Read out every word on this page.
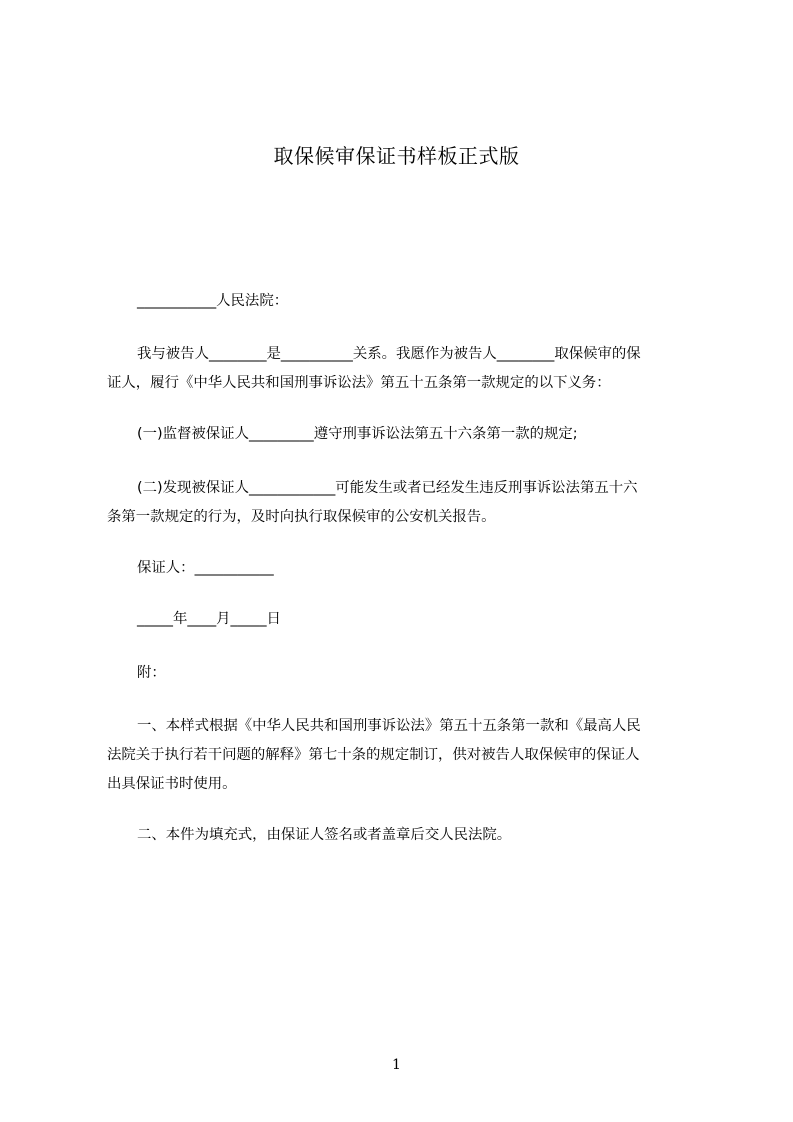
取保候审保证书样板正式版
___________人民法院：
我与被告人________是__________关系。我愿作为被告人________取保候审的保
证人，履行《中华人民共和国刑事诉讼法》第五十五条第一款规定的以下义务：
(一)监督被保证人_________遵守刑事诉讼法第五十六条第一款的规定;
(二)发现被保证人____________可能发生或者已经发生违反刑事诉讼法第五十六
条第一款规定的行为，及时向执行取保候审的公安机关报告。
保证人：___________
_____年____月_____日
附：
一、本样式根据《中华人民共和国刑事诉讼法》第五十五条第一款和《最高人民
法院关于执行若干问题的解释》第七十条的规定制订，供对被告人取保候审的保证人
出具保证书时使用。
二、本件为填充式，由保证人签名或者盖章后交人民法院。
1
